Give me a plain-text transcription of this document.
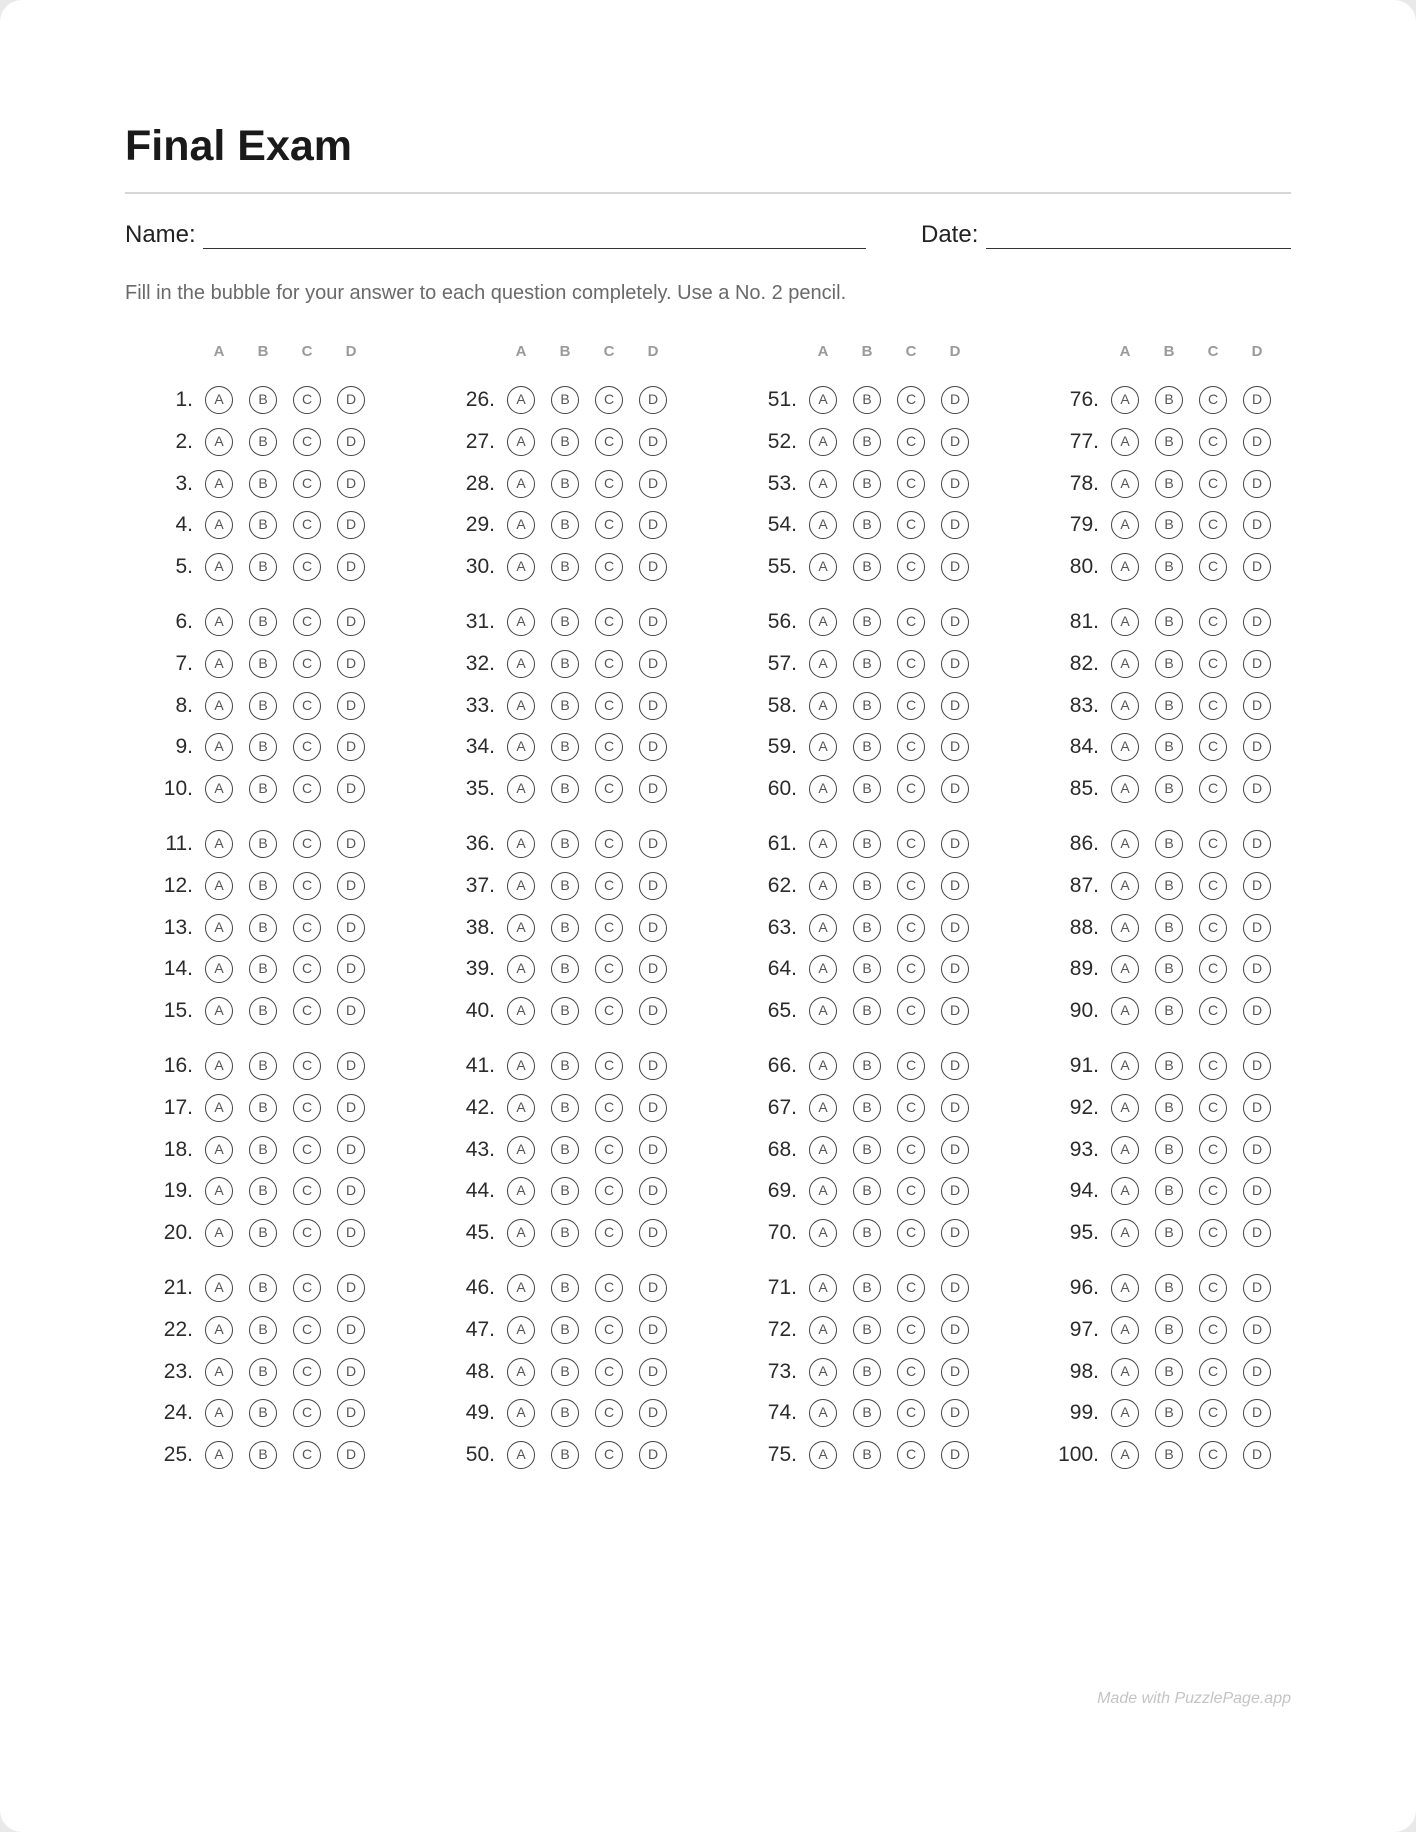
Final Exam
Name:	Date:
Fill in the bubble for your answer to each question completely. Use a No. 2 pencil.
A	B	C	D	A	B	C	D	A	B	C	D	A	B	C	D
1.	A	B	C	D
2.	A	B	C	D
3.	A	B	C	D
4.	A	B	C	D
5.	A	B	C	D
6.	A	B	C	D
7.	A	B	C	D
8.	A	B	C	D
9.	A	B	C	D
10.	A	B	C	D
11.	A	B	C	D
12.	A	B	C	D
13.	A	B	C	D
14.	A	B	C	D
15.	A	B	C	D
16.	A	B	C	D
17.	A	B	C	D
18.	A	B	C	D
19.	A	B	C	D
20.	A	B	C	D
21.	A	B	C	D
22.	A	B	C	D
23.	A	B	C	D
24.	A	B	C	D
25.	A	B	C	D
26.	A	B	C	D
27.	A	B	C	D
28.	A	B	C	D
29.	A	B	C	D
30.	A	B	C	D
31.	A	B	C	D
32.	A	B	C	D
33.	A	B	C	D
34.	A	B	C	D
35.	A	B	C	D
36.	A	B	C	D
37.	A	B	C	D
38.	A	B	C	D
39.	A	B	C	D
40.	A	B	C	D
41.	A	B	C	D
42.	A	B	C	D
43.	A	B	C	D
44.	A	B	C	D
45.	A	B	C	D
46.	A	B	C	D
47.	A	B	C	D
48.	A	B	C	D
49.	A	B	C	D
50.	A	B	C	D
51.	A	B	C	D
52.	A	B	C	D
53.	A	B	C	D
54.	A	B	C	D
55.	A	B	C	D
56.	A	B	C	D
57.	A	B	C	D
58.	A	B	C	D
59.	A	B	C	D
60.	A	B	C	D
61.	A	B	C	D
62.	A	B	C	D
63.	A	B	C	D
64.	A	B	C	D
65.	A	B	C	D
66.	A	B	C	D
67.	A	B	C	D
68.	A	B	C	D
69.	A	B	C	D
70.	A	B	C	D
71.	A	B	C	D
72.	A	B	C	D
73.	A	B	C	D
74.	A	B	C	D
75.	A	B	C	D
76.	A	B	C	D
77.	A	B	C	D
78.	A	B	C	D
79.	A	B	C	D
80.	A	B	C	D
81.	A	B	C	D
82.	A	B	C	D
83.	A	B	C	D
84.	A	B	C	D
85.	A	B	C	D
86.	A	B	C	D
87.	A	B	C	D
88.	A	B	C	D
89.	A	B	C	D
90.	A	B	C	D
91.	A	B	C	D
92.	A	B	C	D
93.	A	B	C	D
94.	A	B	C	D
95.	A	B	C	D
96.	A	B	C	D
97.	A	B	C	D
98.	A	B	C	D
99.	A	B	C	D
100.	A	B	C	D
Made with PuzzlePage.app
